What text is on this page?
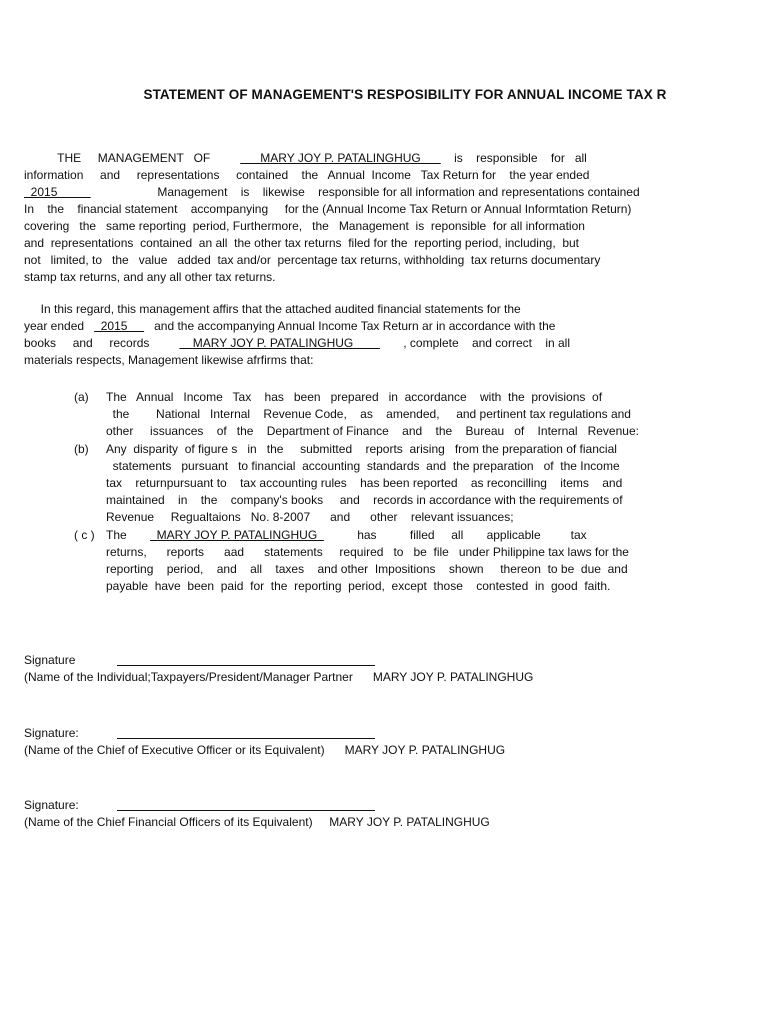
STATEMENT OF MANAGEMENT'S RESPOSIBILITY FOR ANNUAL INCOME TAX R
THE     MANAGEMENT   OF               MARY JOY P. PATALINGHUG          is    responsible    for   all
information     and     representations     contained    the   Annual  Income   Tax Return for    the year ended
2015                              Management    is    likewise    responsible for all information and representations contained
In    the    financial statement    accompanying     for the (Annual Income Tax Return or Annual Informtation Return)
covering   the   same reporting  period, Furthermore,   the   Management  is  reponsible  for all information
and  representations  contained  an all  the other tax returns  filed for the  reporting period, including,  but
not   limited, to   the   value   added  tax and/or  percentage tax returns, withholding  tax returns documentary
stamp tax returns, and any all other tax returns.
In this regard, this management affirs that the attached audited financial statements for the
year ended     2015        and the accompanying Annual Income Tax Return ar in accordance with the
books     and     records             MARY JOY P. PATALINGHUG               , complete    and correct    in all
materials respects, Management likewise afrfirms that:
(a)	The   Annual   Income   Tax    has   been   prepared   in  accordance    with  the  provisions  of
the        National   Internal    Revenue Code,    as    amended,     and pertinent tax regulations and
other     issuances    of   the    Department of Finance    and    the    Bureau   of    Internal   Revenue:
(b)	Any  disparity  of figure s   in   the     submitted    reports  arising   from the preparation of fiancial
statements   pursuant   to financial  accounting  standards  and  the preparation   of  the Income
tax    returnpursuant to    tax accounting rules    has been reported    as reconcilling    items    and
maintained    in    the    company's books     and    records in accordance with the requirements of
Revenue     Regualtaions   No. 8-2007      and      other    relevant issuances;
( c ) The         MARY JOY P. PATALINGHUG            has          filled     all       applicable         tax
returns,      reports      aad      statements     required   to   be  file   under Philippine tax laws for the
reporting    period,    and    all    taxes    and other  Impositions    shown     thereon  to be  due  and
payable  have  been  paid  for  the  reporting  period,  except  those    contested  in  good  faith.
Signature
(Name of the Individual;Taxpayers/President/Manager Partner      MARY JOY P. PATALINGHUG
Signature:
(Name of the Chief of Executive Officer or its Equivalent)      MARY JOY P. PATALINGHUG
Signature:
(Name of the Chief Financial Officers of its Equivalent)     MARY JOY P. PATALINGHUG
